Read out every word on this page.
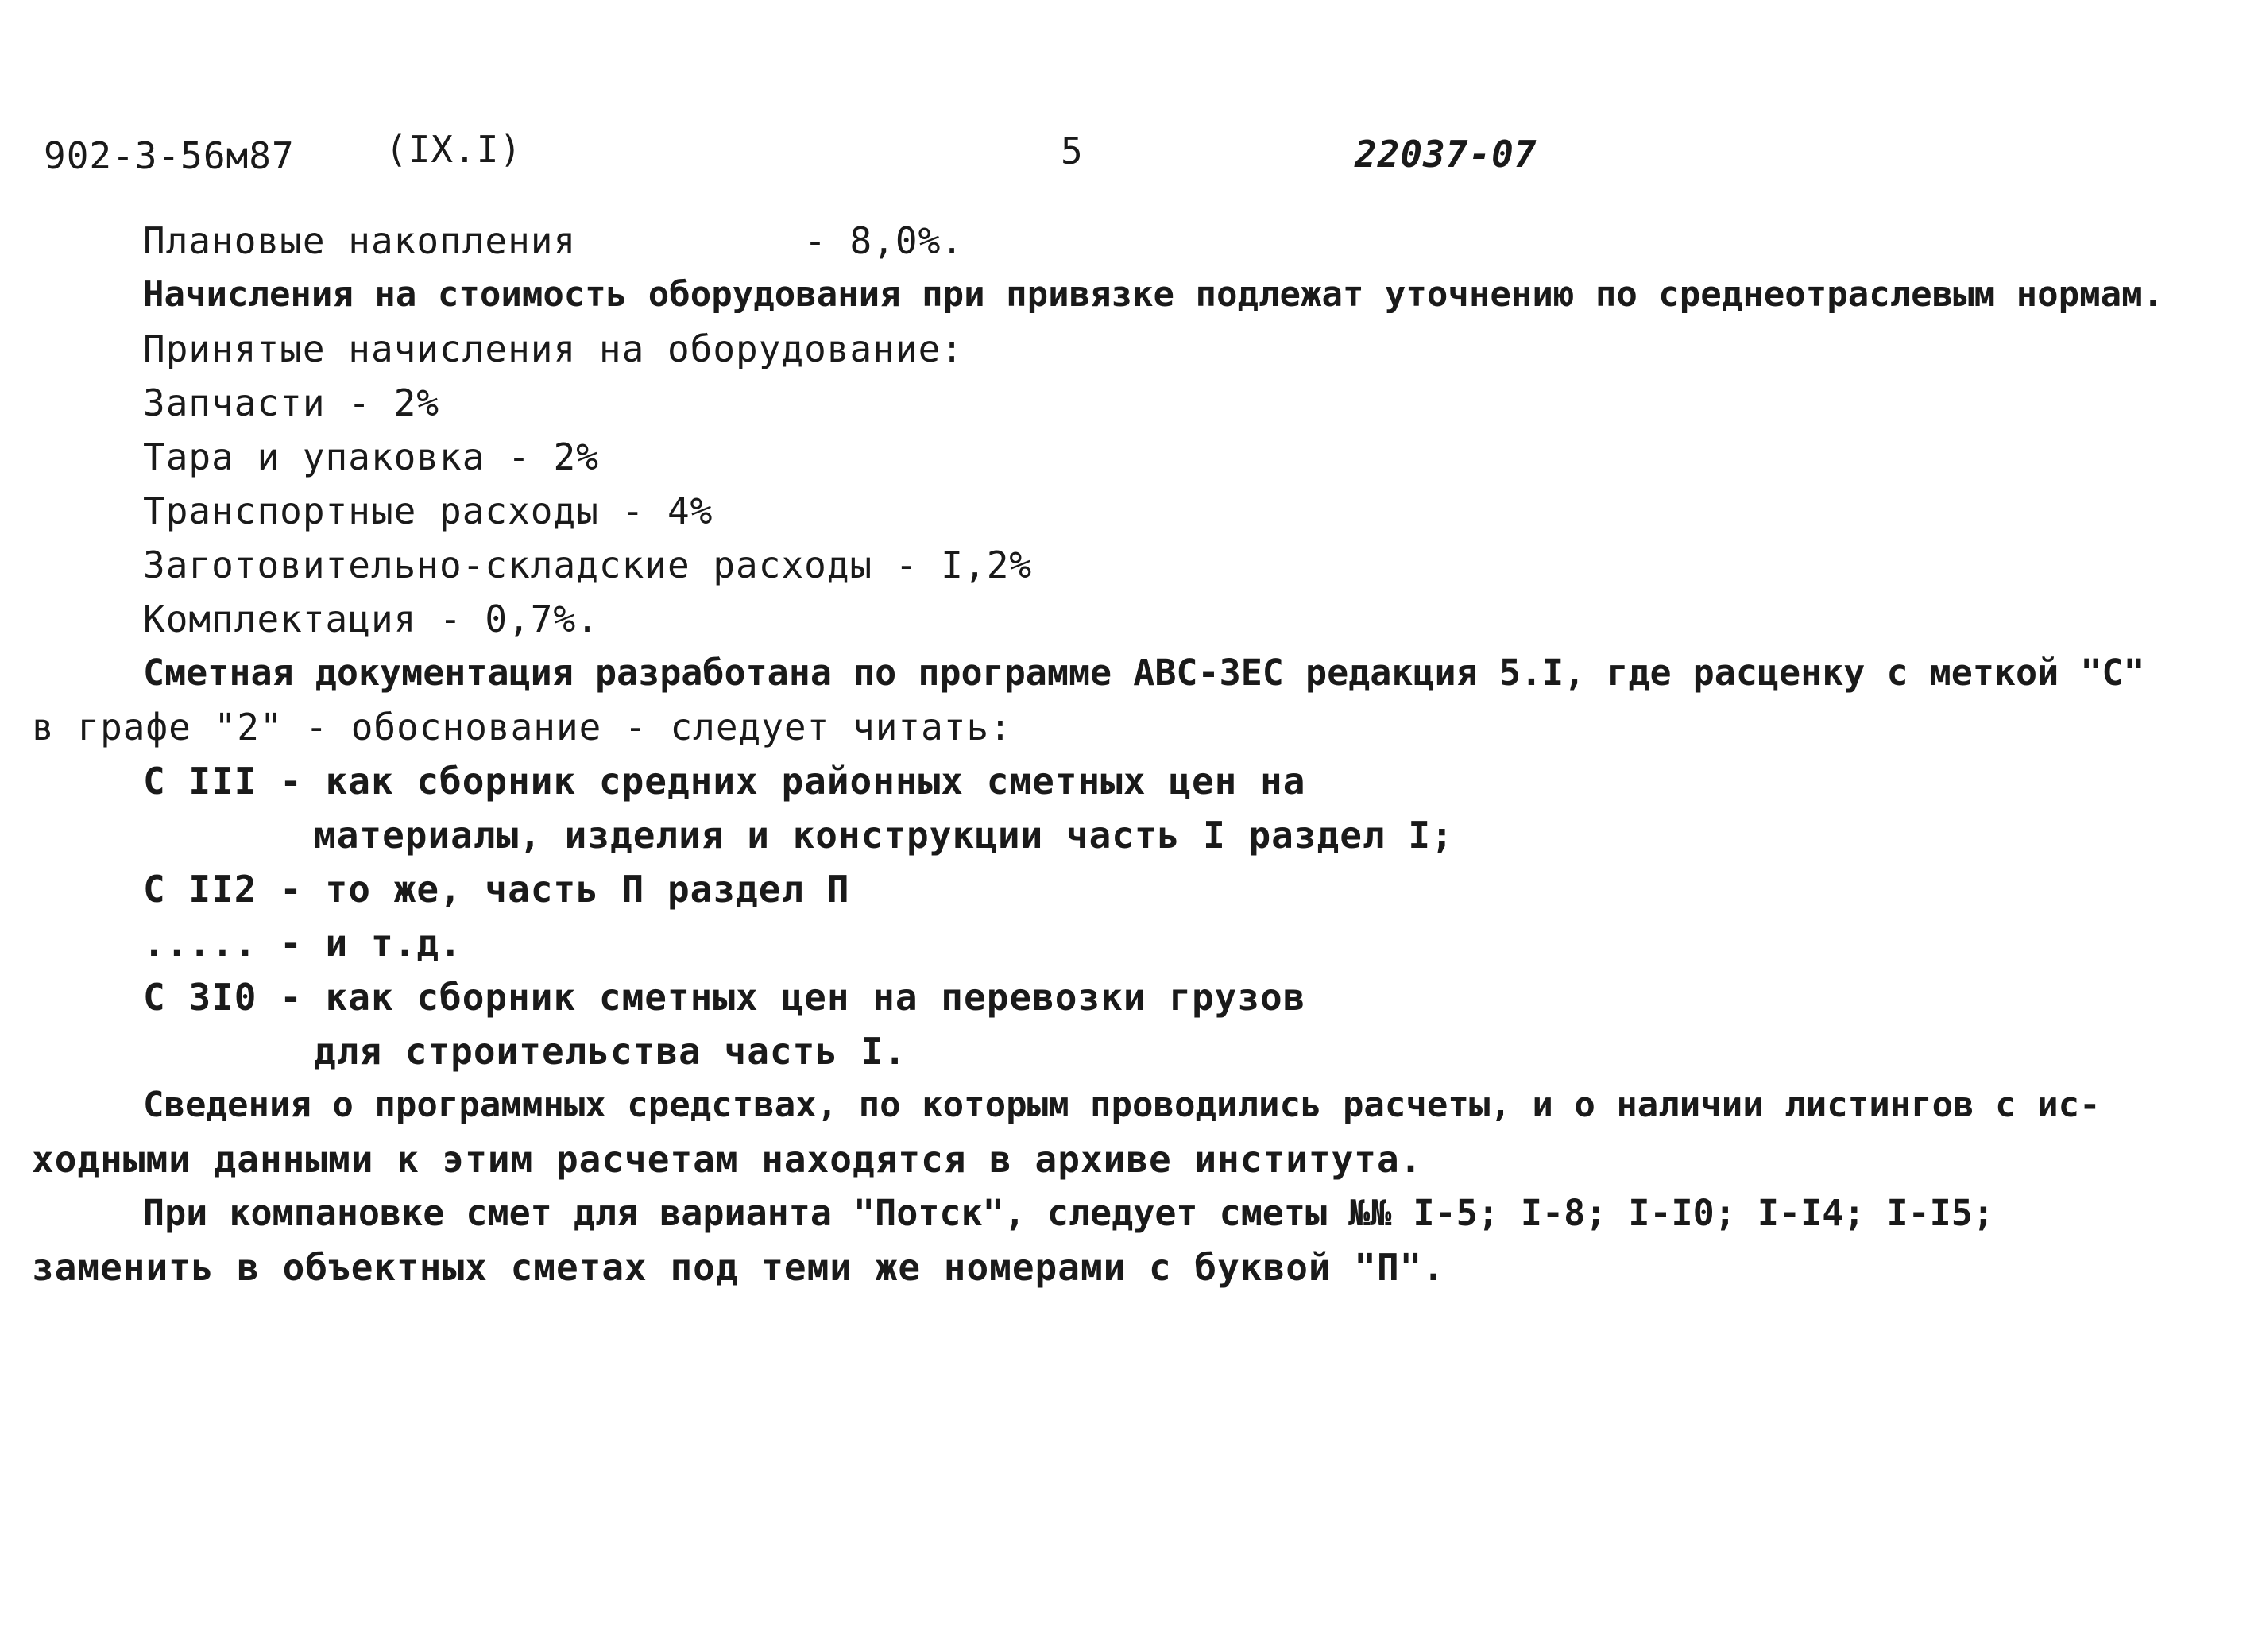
902-3-56м87 (IX.I)	5	22037-07
Плановые накопления          - 8,0%.
Начисления на стоимость оборудования при привязке подлежат уточнению по среднеотраслевым нормам.
Принятые начисления на оборудование:
Запчасти - 2%
Тара и упаковка - 2%
Транспортные расходы - 4%
Заготовительно-складские расходы - I,2%
Комплектация - 0,7%.
Сметная документация разработана по программе АВС-ЗЕС редакция 5.I, где расценку с меткой "С"
в графе "2" - обоснование - следует читать:
С III - как сборник средних районных сметных цен на
материалы, изделия и конструкции часть I раздел I;
С II2 - то же, часть П раздел П
..... - и т.д.
С 3I0 - как сборник сметных цен на перевозки грузов
для строительства часть I.
Сведения о программных средствах, по которым проводились расчеты, и о наличии листингов с ис-
ходными данными к этим расчетам находятся в архиве института.
При компановке смет для варианта "Потск", следует сметы №№ I-5; I-8; I-I0; I-I4; I-I5;
заменить в объектных сметах под теми же номерами с буквой "П".
